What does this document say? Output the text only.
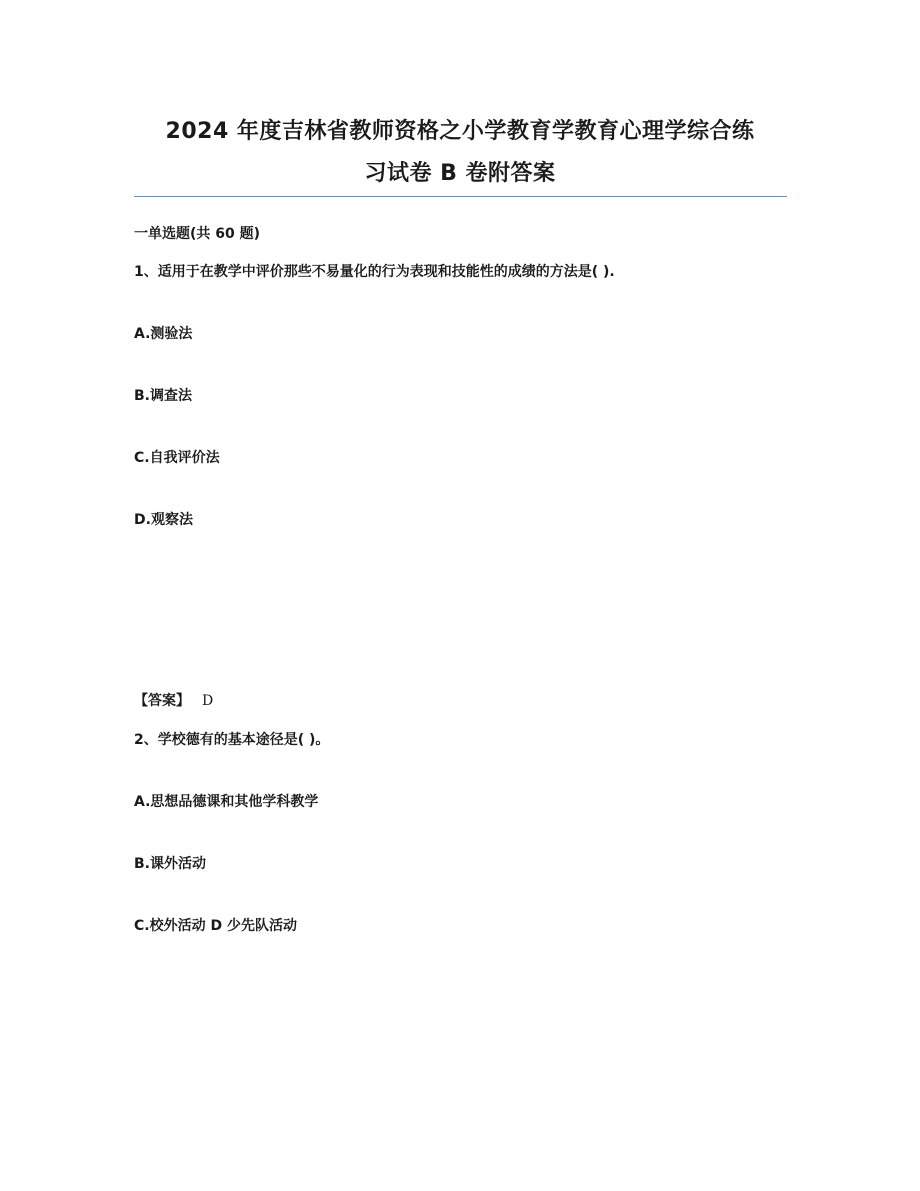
2024 年度吉林省教师资格之小学教育学教育心理学综合练
习试卷 B 卷附答案
一单选题(共 60 题)
1、适用于在教学中评价那些不易量化的行为表现和技能性的成绩的方法是( ).
A.测验法
B.调查法
C.自我评价法
D.观察法
【答案】 D
2、学校德有的基本途径是( )。
A.思想品德课和其他学科教学
B.课外活动
C.校外活动 D 少先队活动
